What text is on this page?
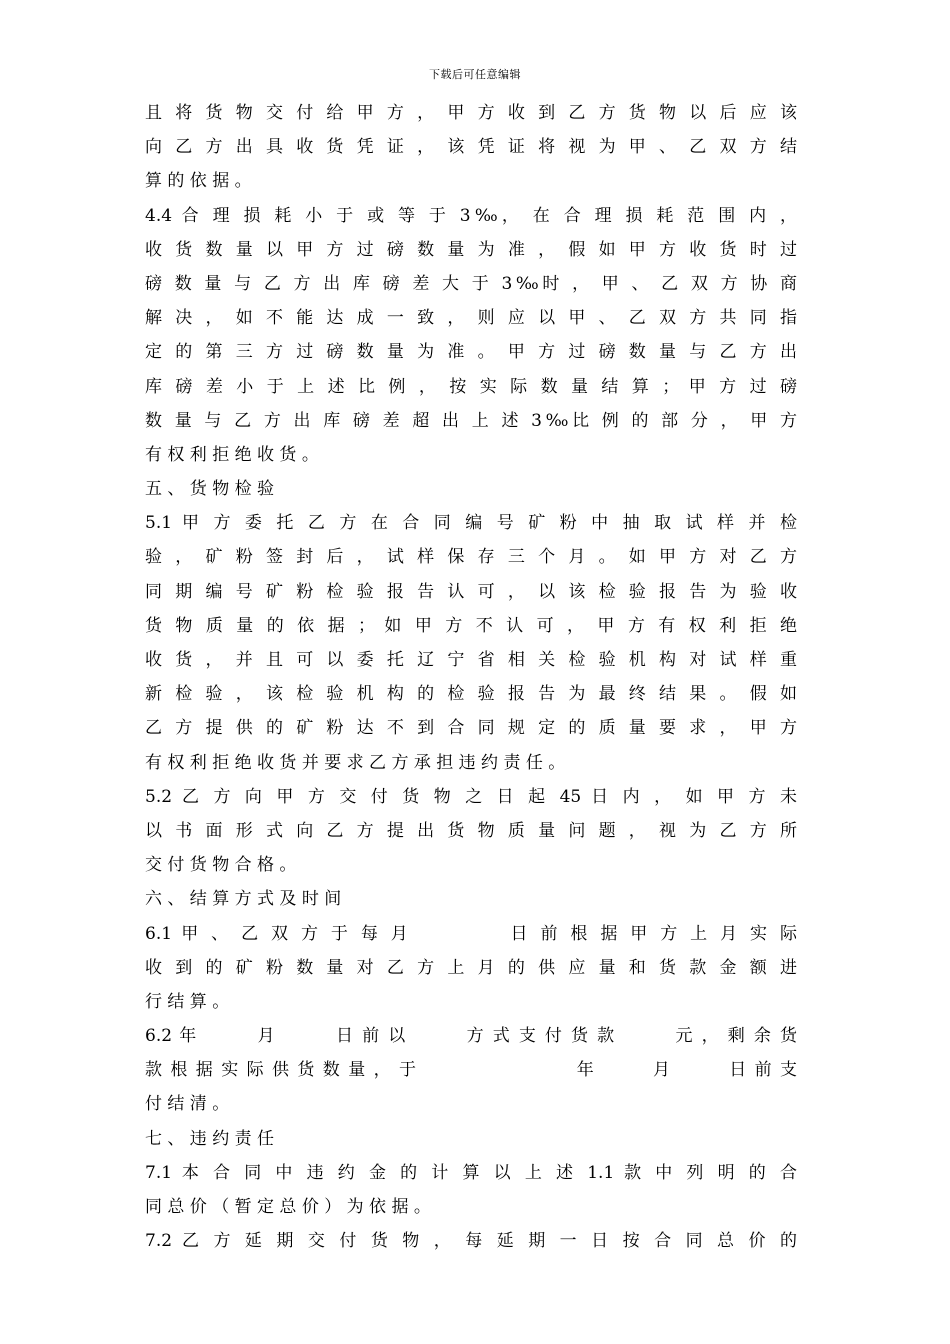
下载后可任意编辑
且 将 货 物 交 付 给 甲 方 ， 甲 方 收 到 乙 方 货 物 以 后 应 该
向 乙 方 出 具 收 货 凭 证 ， 该 凭 证 将 视 为 甲 、 乙 双 方 结
算 的 依 据 。
4.4 合 理 损 耗 小 于 或 等 于 3‰， 在 合 理 损 耗 范 围 内 ，
收 货 数 量 以 甲 方 过 磅 数 量 为 准 ， 假 如 甲 方 收 货 时 过
磅 数 量 与 乙 方 出 库 磅 差 大 于 3‰时 ， 甲 、 乙 双 方 协 商
解 决 ， 如 不 能 达 成 一 致 ， 则 应 以 甲 、 乙 双 方 共 同 指
定 的 第 三 方 过 磅 数 量 为 准 。 甲 方 过 磅 数 量 与 乙 方 出
库 磅 差 小 于 上 述 比 例 ， 按 实 际 数 量 结 算 ； 甲 方 过 磅
数 量 与 乙 方 出 库 磅 差 超 出 上 述 3‰比 例 的 部 分 ， 甲 方
有 权 利 拒 绝 收 货 。
五 、 货 物 检 验
5.1 甲 方 委 托 乙 方 在 合 同 编 号 矿 粉 中 抽 取 试 样 并 检
验 ， 矿 粉 签 封 后 ， 试 样 保 存 三 个 月 。 如 甲 方 对 乙 方
同 期 编 号 矿 粉 检 验 报 告 认 可 ， 以 该 检 验 报 告 为 验 收
货 物 质 量 的 依 据 ； 如 甲 方 不 认 可 ， 甲 方 有 权 利 拒 绝
收 货 ， 并 且 可 以 委 托 辽 宁 省 相 关 检 验 机 构 对 试 样 重
新 检 验 ， 该 检 验 机 构 的 检 验 报 告 为 最 终 结 果 。 假 如
乙 方 提 供 的 矿 粉 达 不 到 合 同 规 定 的 质 量 要 求 ， 甲 方
有 权 利 拒 绝 收 货 并 要 求 乙 方 承 担 违 约 责 任 。
5.2 乙 方 向 甲 方 交 付 货 物 之 日 起 45 日 内 ， 如 甲 方 未
以 书 面 形 式 向 乙 方 提 出 货 物 质 量 问 题 ， 视 为 乙 方 所
交 付 货 物 合 格 。
六 、 结 算 方 式 及 时 间
6.1 甲 、 乙 双 方 于 每 月 　 　 　 日 前 根 据 甲 方 上 月 实 际
收 到 的 矿 粉 数 量 对 乙 方 上 月 的 供 应 量 和 货 款 金 额 进
行 结 算 。
6.2 年 　 　 月 　 　 日 前 以 　 　 方 式 支 付 货 款 　 　 元 ， 剩 余 货
款 根 据 实 际 供 货 数 量 ， 于 　 　 　 　 　 　 年 　 　 月 　 　 日 前 支
付 结 清 。
七 、 违 约 责 任
7.1 本 合 同 中 违 约 金 的 计 算 以 上 述 1.1 款 中 列 明 的 合
同 总 价 （ 暂 定 总 价 ） 为 依 据 。
7.2 乙 方 延 期 交 付 货 物 ， 每 延 期 一 日 按 合 同 总 价 的
